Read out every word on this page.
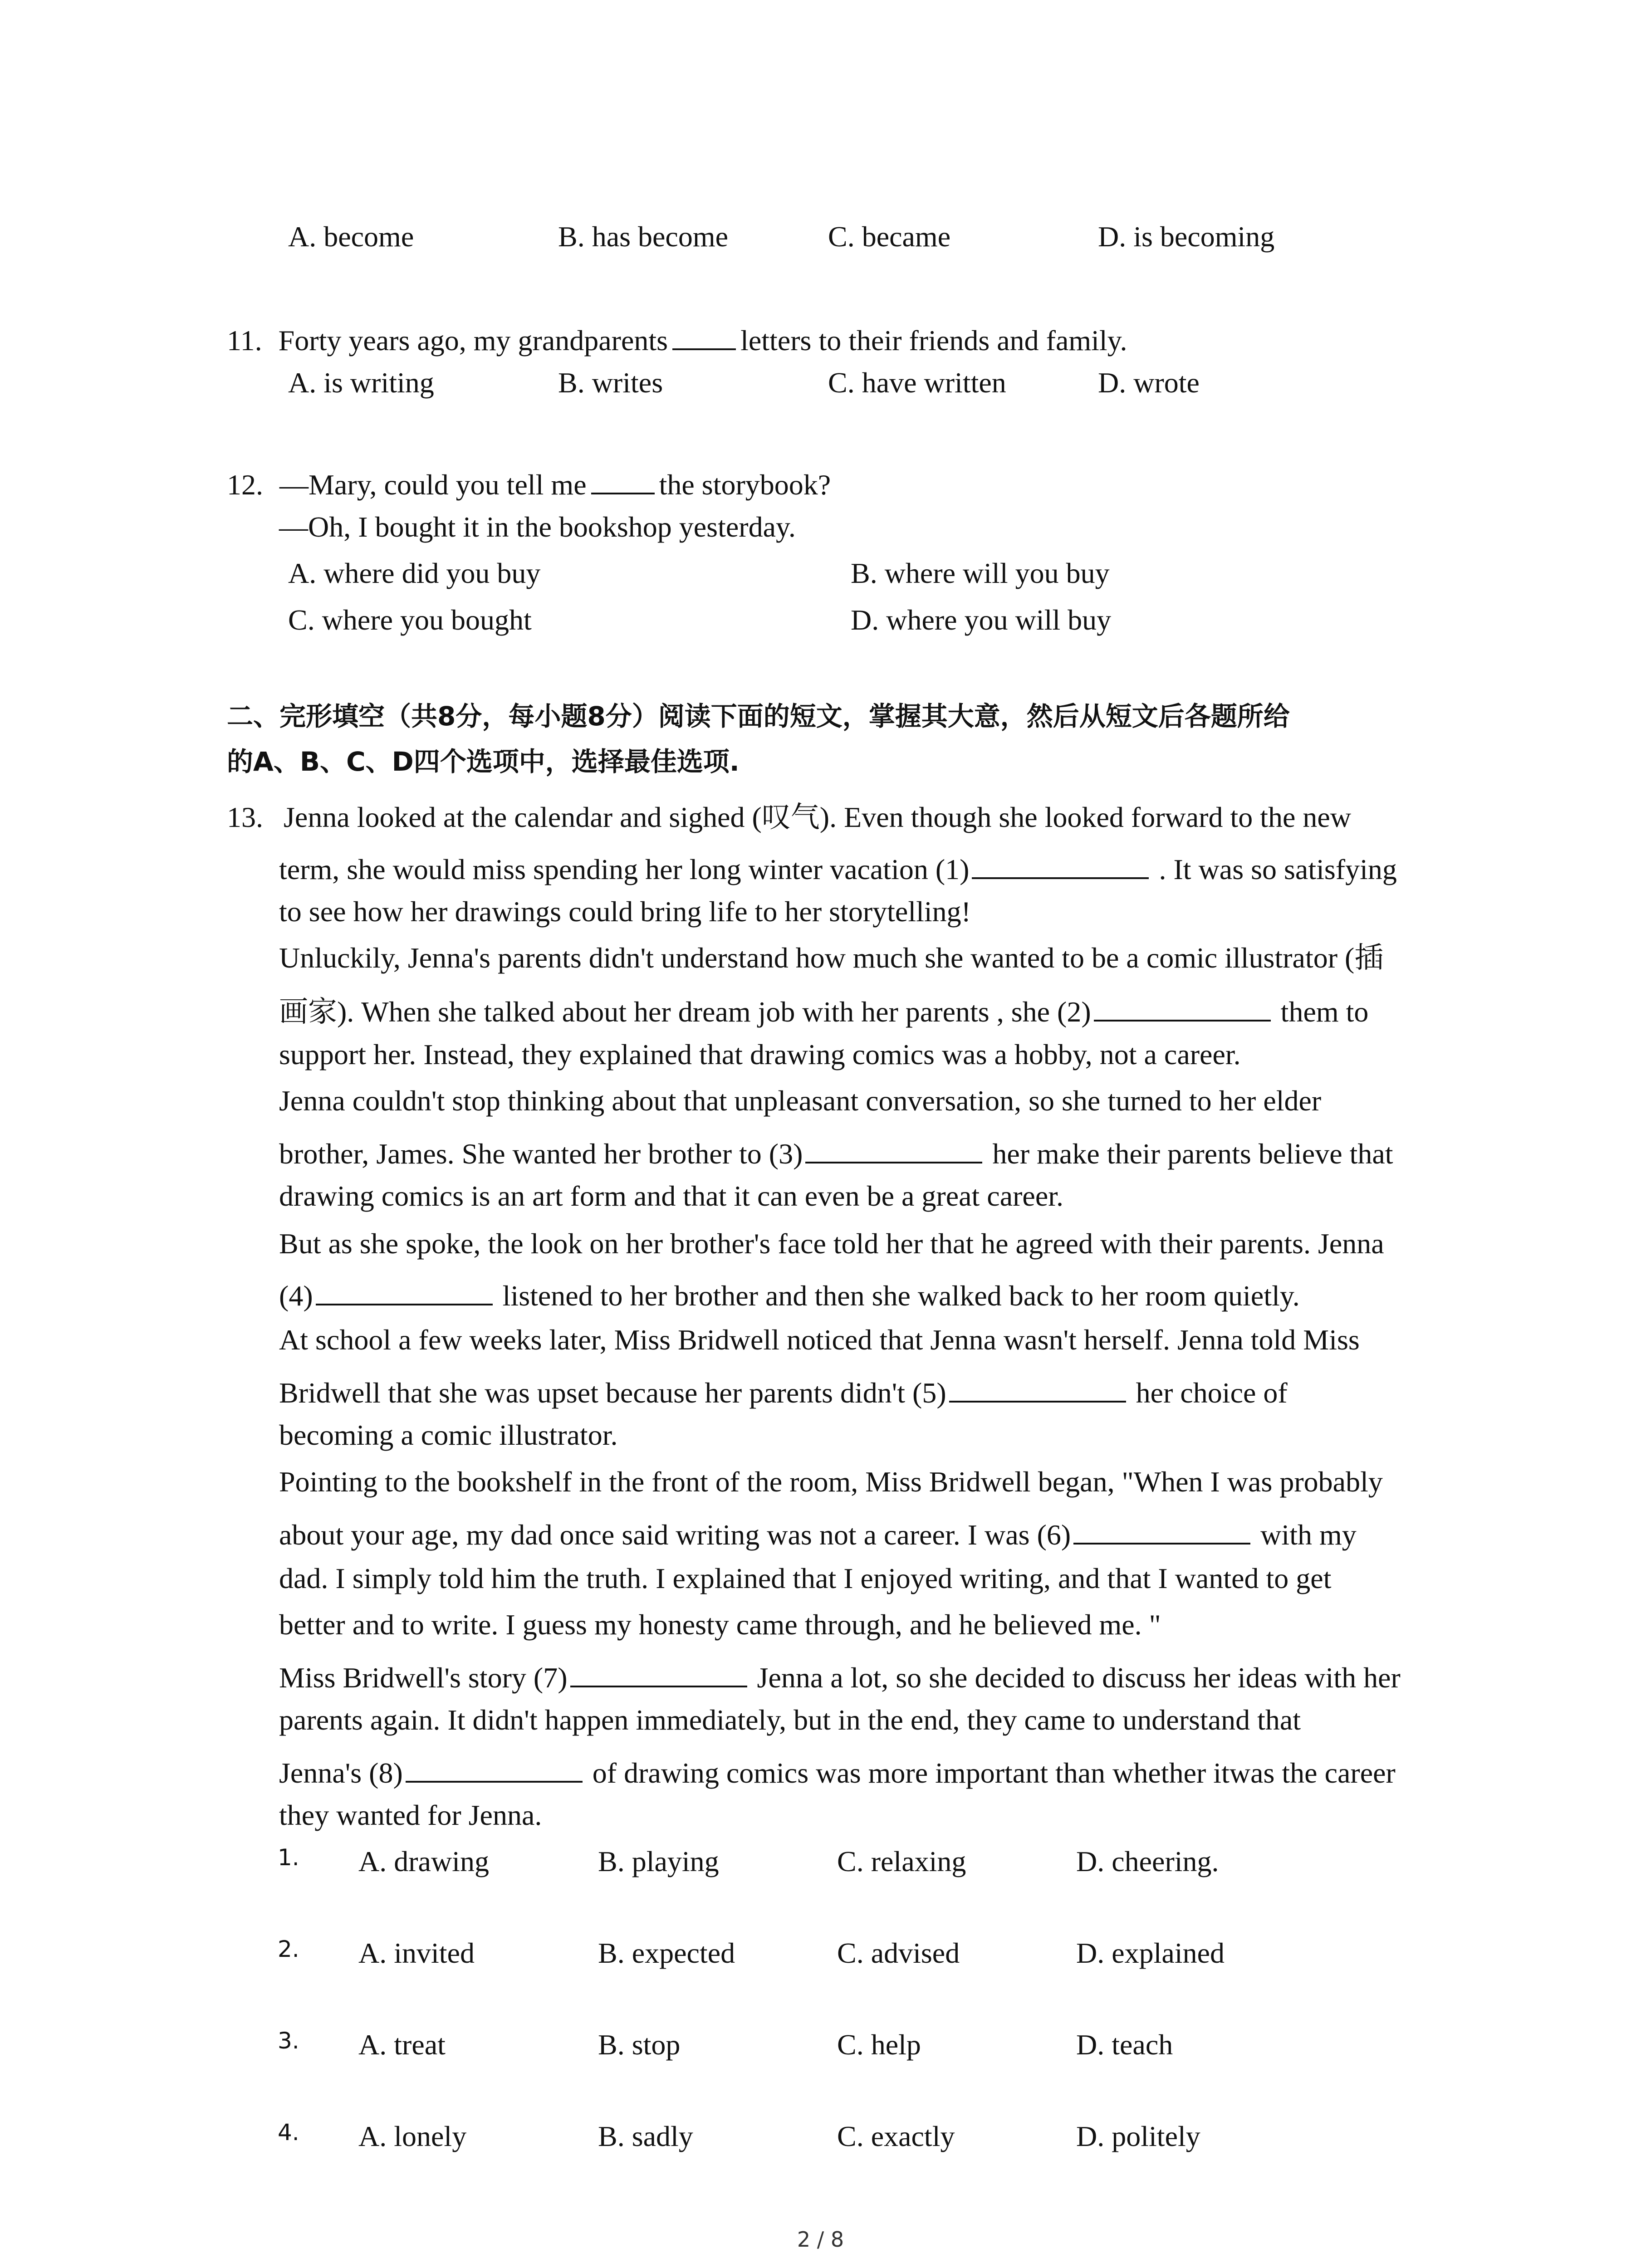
A. become	B. has become	C. became	D. is becoming
11. Forty years ago, my grandparents	letters to their friends and family.
A. is writing	B. writes	C. have written	D. wrote
12. —Mary, could you tell me	the storybook?
—Oh, I bought it in the bookshop yesterday.
A. where did you buy	B. where will you buy
C. where you bought	D. where you will buy
二、完形填空（共8分，每小题8分）阅读下面的短文，掌握其大意，然后从短文后各题所给
的A、B、C、D四个选项中，选择最佳选项.
13. Jenna looked at the calendar and sighed (叹气). Even though she looked forward to the new
term, she would miss spending her long winter vacation (1)	. It was so satisfying
to see how her drawings could bring life to her storytelling!
Unluckily, Jenna's parents didn't understand how much she wanted to be a comic illustrator (插
画家). When she talked about her dream job with her parents , she (2)	them to
support her. Instead, they explained that drawing comics was a hobby, not a career.
Jenna couldn't stop thinking about that unpleasant conversation, so she turned to her elder
brother, James. She wanted her brother to (3)	her make their parents believe that
drawing comics is an art form and that it can even be a great career.
But as she spoke, the look on her brother's face told her that he agreed with their parents. Jenna
(4)	listened to her brother and then she walked back to her room quietly.
At school a few weeks later, Miss Bridwell noticed that Jenna wasn't herself. Jenna told Miss
Bridwell that she was upset because her parents didn't (5)	her choice of
becoming a comic illustrator.
Pointing to the bookshelf in the front of the room, Miss Bridwell began, "When I was probably
about your age, my dad once said writing was not a career. I was (6)	with my
dad. I simply told him the truth. I explained that I enjoyed writing, and that I wanted to get
better and to write. I guess my honesty came through, and he believed me. "
Miss Bridwell's story (7)	Jenna a lot, so she decided to discuss her ideas with her
parents again. It didn't happen immediately, but in the end, they came to understand that
Jenna's (8)	of drawing comics was more important than whether itwas the career
they wanted for Jenna.
1. A. drawing	B. playing	C. relaxing	D. cheering.
2. A. invited	B. expected	C. advised	D. explained
3. A. treat	B. stop	C. help	D. teach
4. A. lonely	B. sadly	C. exactly	D. politely
2 / 8
